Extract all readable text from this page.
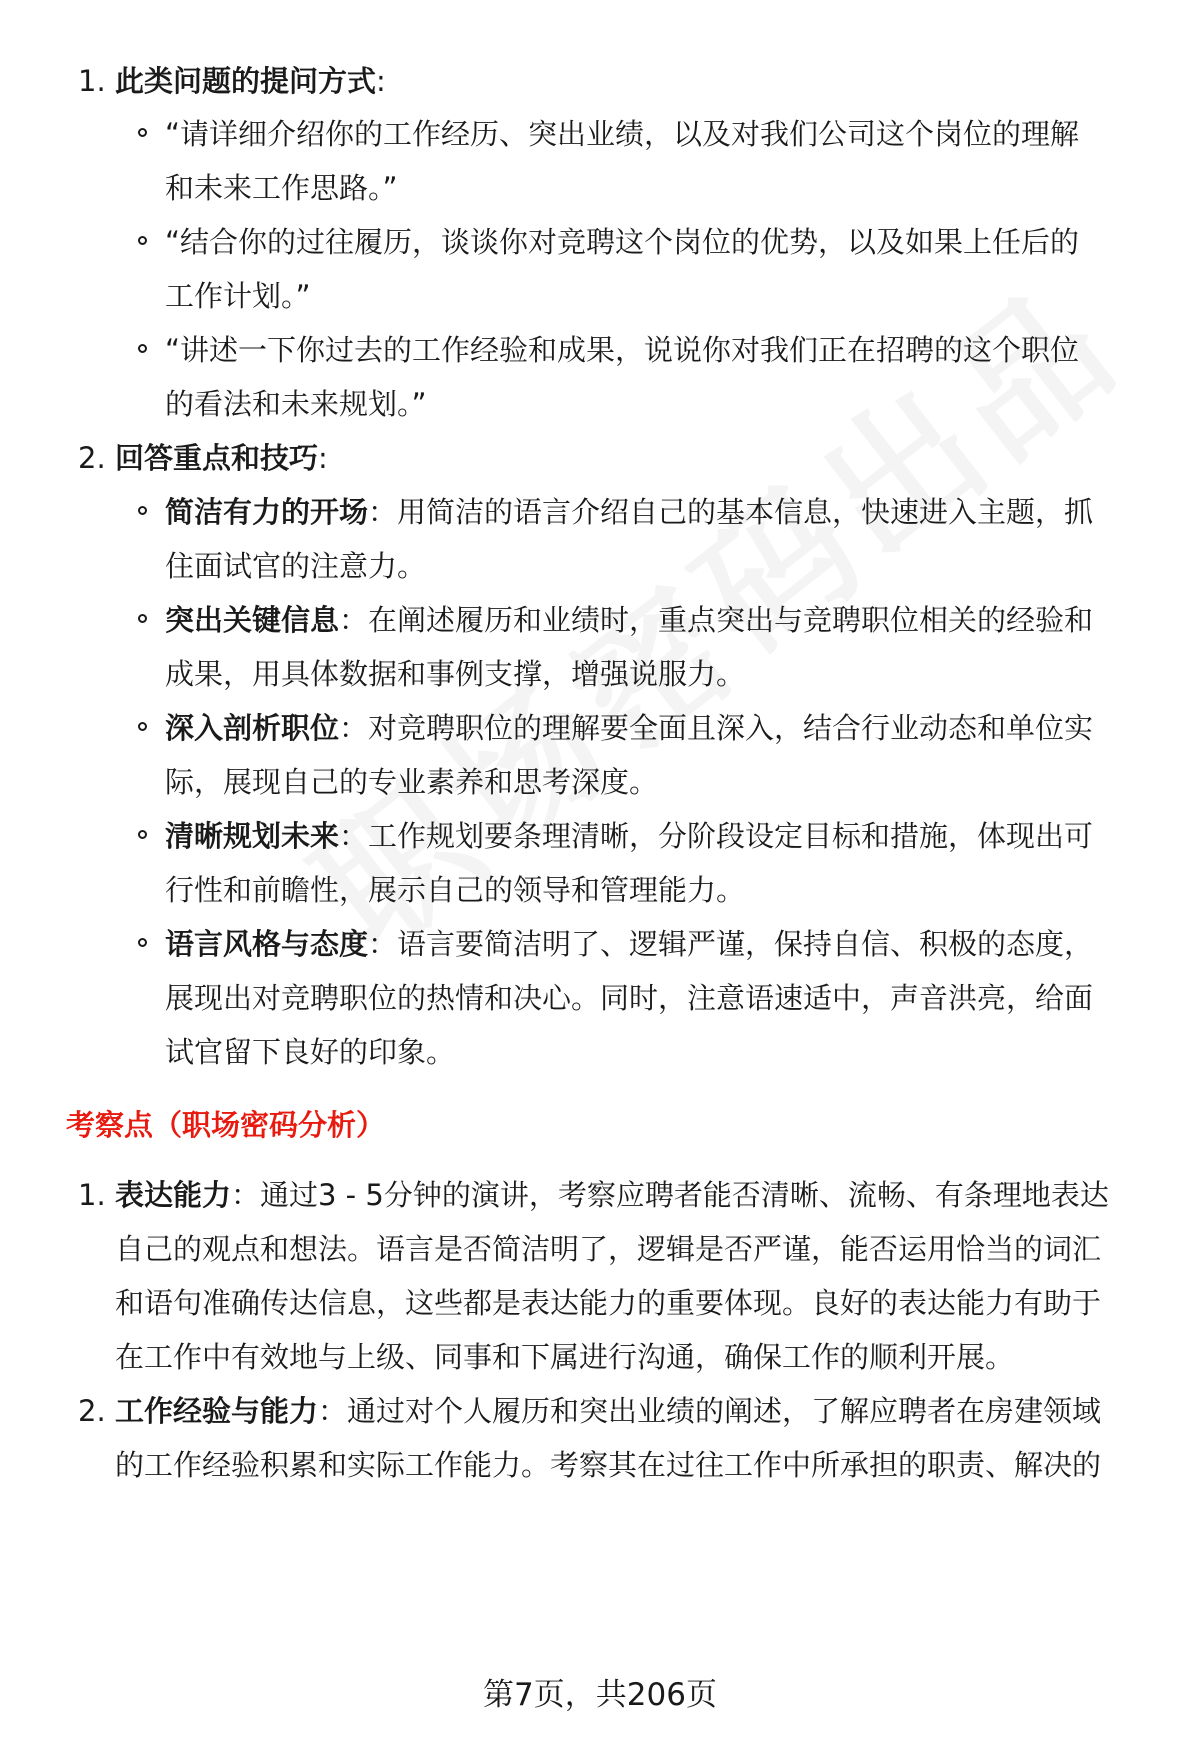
1. 此类问题的提问方式:
“请详细介绍你的工作经历、突出业绩，以及对我们公司这个岗位的理解
和未来工作思路。”
“结合你的过往履历，谈谈你对竞聘这个岗位的优势，以及如果上任后的
工作计划。”
“讲述一下你过去的工作经验和成果，说说你对我们正在招聘的这个职位
的看法和未来规划。”
2. 回答重点和技巧:
简洁有力的开场：用简洁的语言介绍自己的基本信息，快速进入主题，抓
住面试官的注意力。
突出关键信息：在阐述履历和业绩时，重点突出与竞聘职位相关的经验和
成果，用具体数据和事例支撑，增强说服力。
深入剖析职位：对竞聘职位的理解要全面且深入，结合行业动态和单位实
际，展现自己的专业素养和思考深度。
清晰规划未来：工作规划要条理清晰，分阶段设定目标和措施，体现出可
行性和前瞻性，展示自己的领导和管理能力。
语言风格与态度：语言要简洁明了、逻辑严谨，保持自信、积极的态度，
展现出对竞聘职位的热情和决心。同时，注意语速适中，声音洪亮，给面
试官留下良好的印象。
考察点（职场密码分析）
1. 表达能力：通过3 - 5分钟的演讲，考察应聘者能否清晰、流畅、有条理地表达
自己的观点和想法。语言是否简洁明了，逻辑是否严谨，能否运用恰当的词汇
和语句准确传达信息，这些都是表达能力的重要体现。良好的表达能力有助于
在工作中有效地与上级、同事和下属进行沟通，确保工作的顺利开展。
2. 工作经验与能力：通过对个人履历和突出业绩的阐述，了解应聘者在房建领域
的工作经验积累和实际工作能力。考察其在过往工作中所承担的职责、解决的
第7页，共206页
